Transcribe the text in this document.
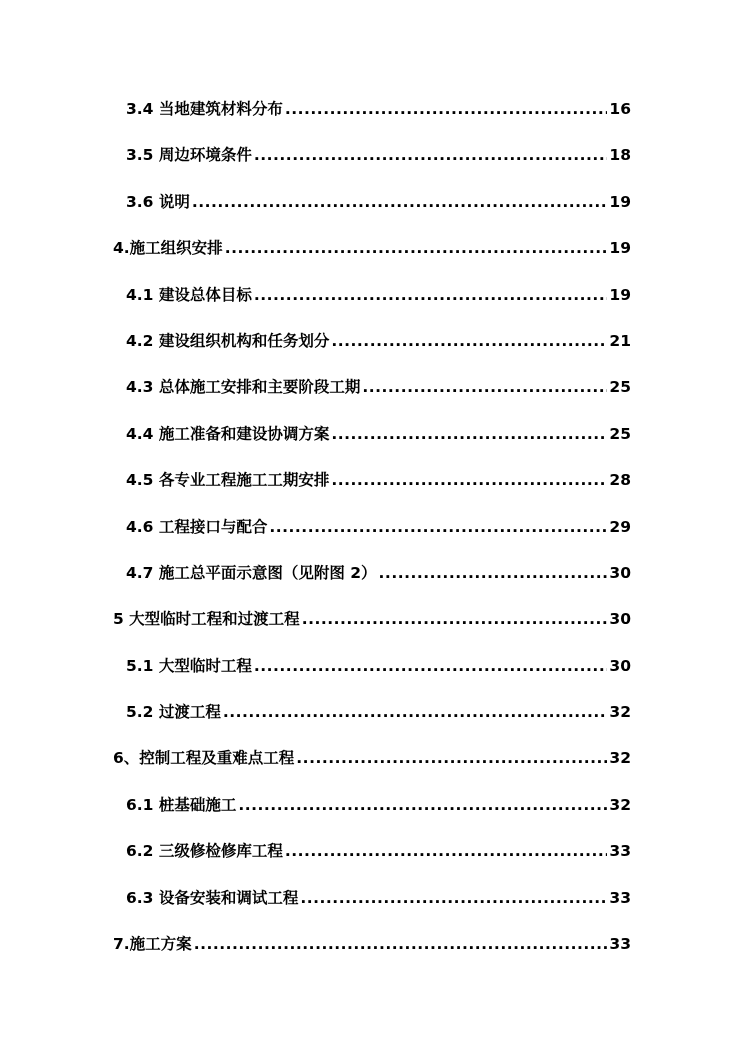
3.4 当地建筑材料分布 .....	16
3.5 周边环境条件 .....	18
3.6 说明 .....	19
4.施工组织安排 .....	19
4.1 建设总体目标 .....	19
4.2 建设组织机构和任务划分 .....	21
4.3 总体施工安排和主要阶段工期 .....	25
4.4 施工准备和建设协调方案 .....	25
4.5 各专业工程施工工期安排 .....	28
4.6 工程接口与配合 .....	29
4.7 施工总平面示意图（见附图 2） .....	30
5 大型临时工程和过渡工程 .....	30
5.1 大型临时工程 .....	30
5.2 过渡工程 .....	32
6、控制工程及重难点工程 .....	32
6.1 桩基础施工 .....	32
6.2 三级修检修库工程 .....	33
6.3 设备安装和调试工程 .....	33
7.施工方案 .....	33
